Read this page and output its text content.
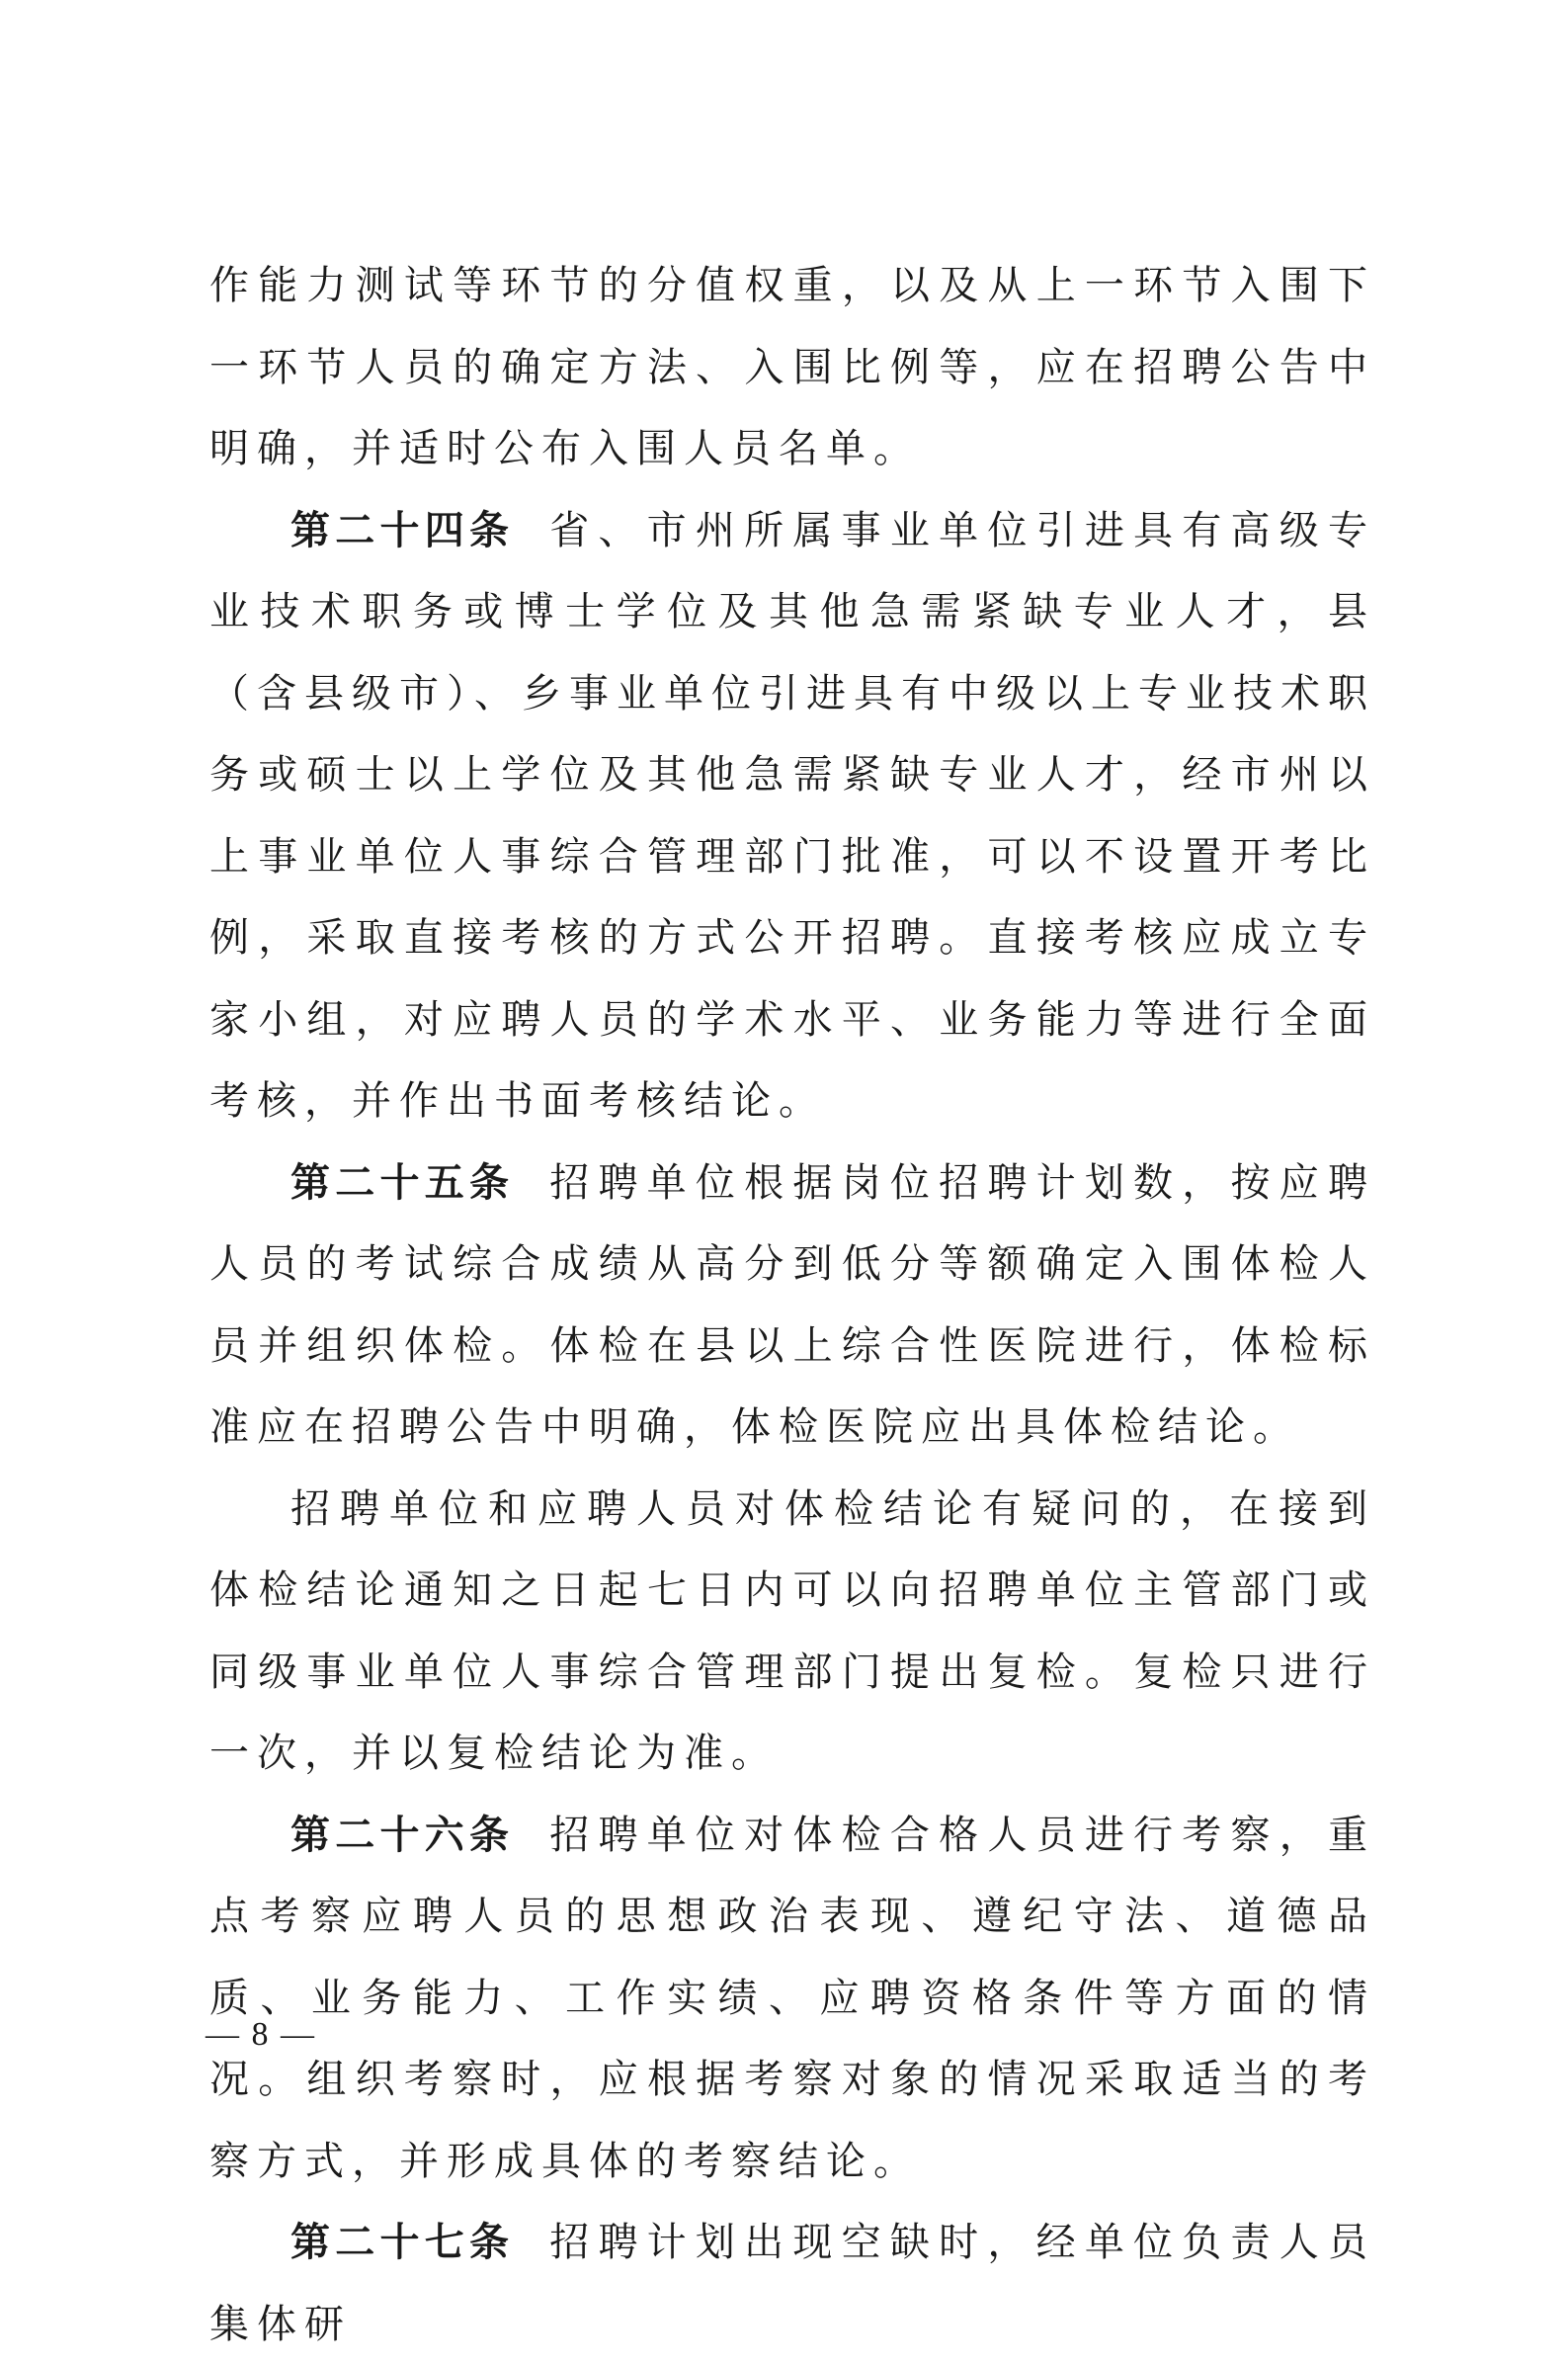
作能力测试等环节的分值权重，以及从上一环节入围下一环节人员的确定方法、入围比例等，应在招聘公告中明确，并适时公布入围人员名单。

第二十四条 省、市州所属事业单位引进具有高级专业技术职务或博士学位及其他急需紧缺专业人才，县（含县级市）、乡事业单位引进具有中级以上专业技术职务或硕士以上学位及其他急需紧缺专业人才，经市州以上事业单位人事综合管理部门批准，可以不设置开考比例，采取直接考核的方式公开招聘。直接考核应成立专家小组，对应聘人员的学术水平、业务能力等进行全面考核，并作出书面考核结论。

第二十五条 招聘单位根据岗位招聘计划数，按应聘人员的考试综合成绩从高分到低分等额确定入围体检人员并组织体检。体检在县以上综合性医院进行，体检标准应在招聘公告中明确，体检医院应出具体检结论。

招聘单位和应聘人员对体检结论有疑问的，在接到体检结论通知之日起七日内可以向招聘单位主管部门或同级事业单位人事综合管理部门提出复检。复检只进行一次，并以复检结论为准。

第二十六条 招聘单位对体检合格人员进行考察，重点考察应聘人员的思想政治表现、遵纪守法、道德品质、业务能力、工作实绩、应聘资格条件等方面的情况。组织考察时，应根据考察对象的情况采取适当的考察方式，并形成具体的考察结论。

第二十七条 招聘计划出现空缺时，经单位负责人员集体研

— 8 —
